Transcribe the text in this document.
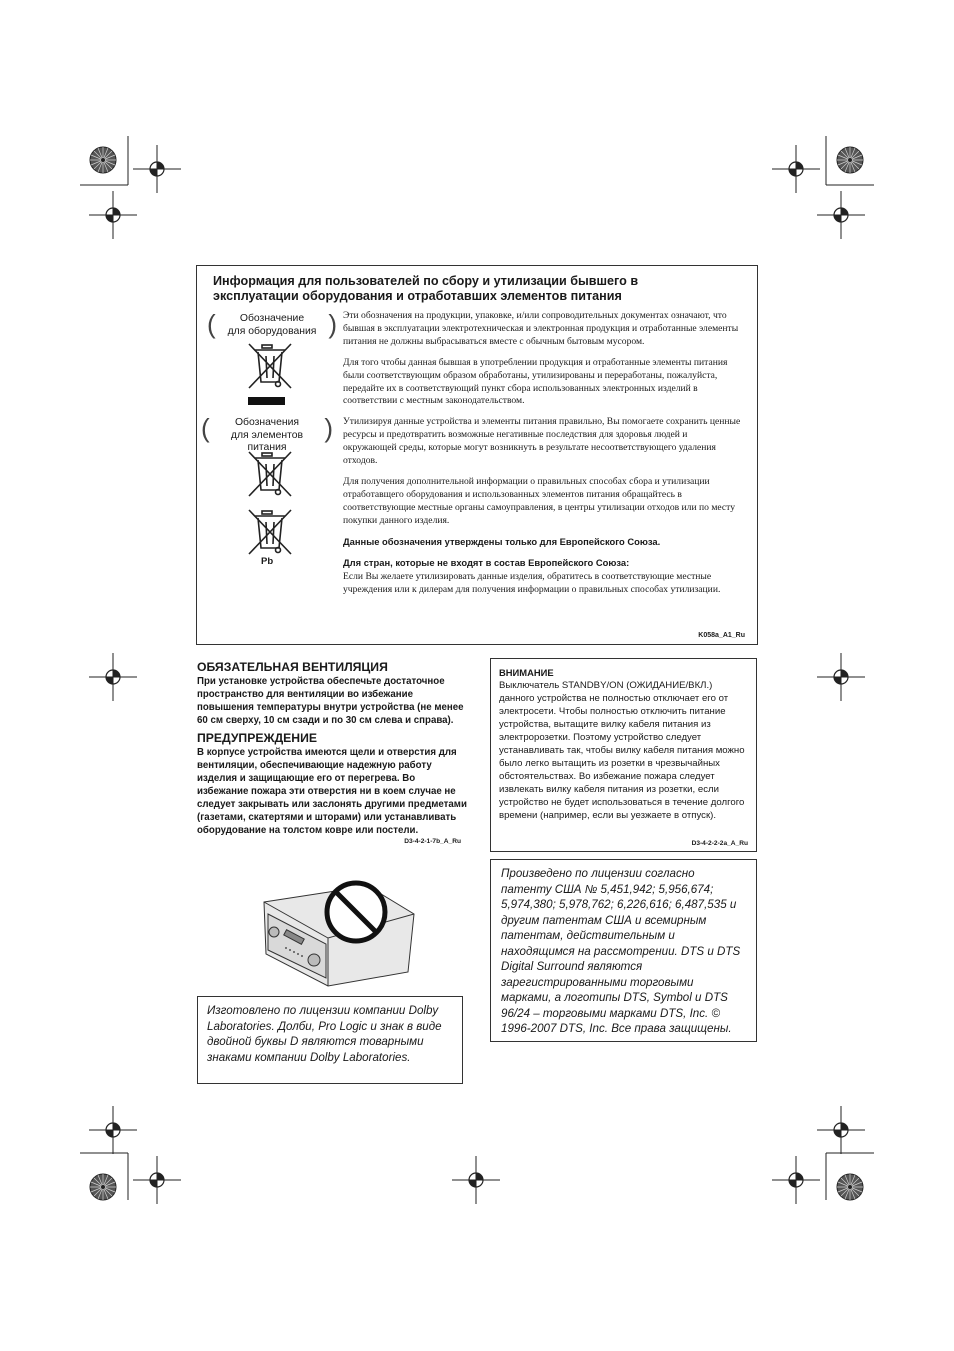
Информация для пользователей по сбору и утилизации бывшего в
эксплуатации оборудования и отработавших элементов питания
( Обозначение
для оборудования
)
( Обозначения
для элементов питания
)
Pb

Эти обозначения на продукции, упаковке, и/или сопроводительных документах означают, что бывшая в эксплуатации электротехническая и электронная продукция и отработанные элементы питания не должны выбрасываться вместе с обычным бытовым мусором.

Для того чтобы данная бывшая в употреблении продукция и отработанные элементы питания были соответствующим образом обработаны, утилизированы и переработаны, пожалуйста, передайте их в соответствующий пункт сбора использованных электронных изделий в соответствии с местным законодательством.

Утилизируя данные устройства и элементы питания правильно, Вы помогаете сохранить ценные ресурсы и предотвратить возможные негативные последствия для здоровья людей и окружающей среды, которые могут возникнуть в результате несоответствующего удаления отходов.

Для получения дополнительной информации о правильных способах сбора и утилизации отработавщего оборудования и использованных элементов питания обращайтесь в соответствующие местные органы самоуправления, в центры утилизации отходов или по месту покупки данного изделия.

Данные обозначения утверждены только для Европейского Союза.

Для стран, которые не входят в состав Европейского Союза:

Если Вы желаете утилизировать данные изделия, обратитесь в соответствующие местные учреждения или к дилерам для получения информации о правильных способах утилизации.

K058a_A1_Ru

ОБЯЗАТЕЛЬНАЯ ВЕНТИЛЯЦИЯ

При установке устройства обеспечьте достаточное пространство для вентиляции во избежание повышения температуры внутри устройства (не менее 60 см сверху, 10 см сзади и по 30 см слева и справа).

ПРЕДУПРЕЖДЕНИЕ

В корпусе устройства имеются щели и отверстия для вентиляции, обеспечивающие надежную работу изделия и защищающие его от перегрева. Во избежание пожара эти отверстия ни в коем случае не следует закрывать или заслонять другими предметами (газетами, скатертями и шторами) или устанавливать оборудование на толстом ковре или постели.

D3-4-2-1-7b_A_Ru
ВНИМАНИЕ
Выключатель STANDBY/ON (ОЖИДАНИЕ/ВКЛ.) данного устройства не полностью отключает его от электросети. Чтобы полностью отключить питание устройства, вытащите вилку кабеля питания из электророзетки. Поэтому устройство следует устанавливать так, чтобы вилку кабеля питания можно было легко вытащить из розетки в чрезвычайных обстоятельствах. Во избежание пожара следует извлекать вилку кабеля питания из розетки, если устройство не будет использоваться в течение долгого времени (например, если вы уезжаете в отпуск).
D3-4-2-2-2a_A_Ru
Произведено по лицензии согласно патенту США № 5,451,942; 5,956,674; 5,974,380; 5,978,762; 6,226,616; 6,487,535 и другим патентам США и всемирным патентам, действительным и находящимся на рассмотрении. DTS и DTS Digital Surround являются зарегистрированными торговыми марками, а логотипы DTS, Symbol и DTS 96/24 – торговыми марками DTS, Inc. © 1996-2007 DTS, Inc. Все права защищены.
Изготовлено по лицензии компании Dolby Laboratories. Долби, Pro Logic и знак в виде двойной буквы D являются товарными знаками компании Dolby Laboratories.
